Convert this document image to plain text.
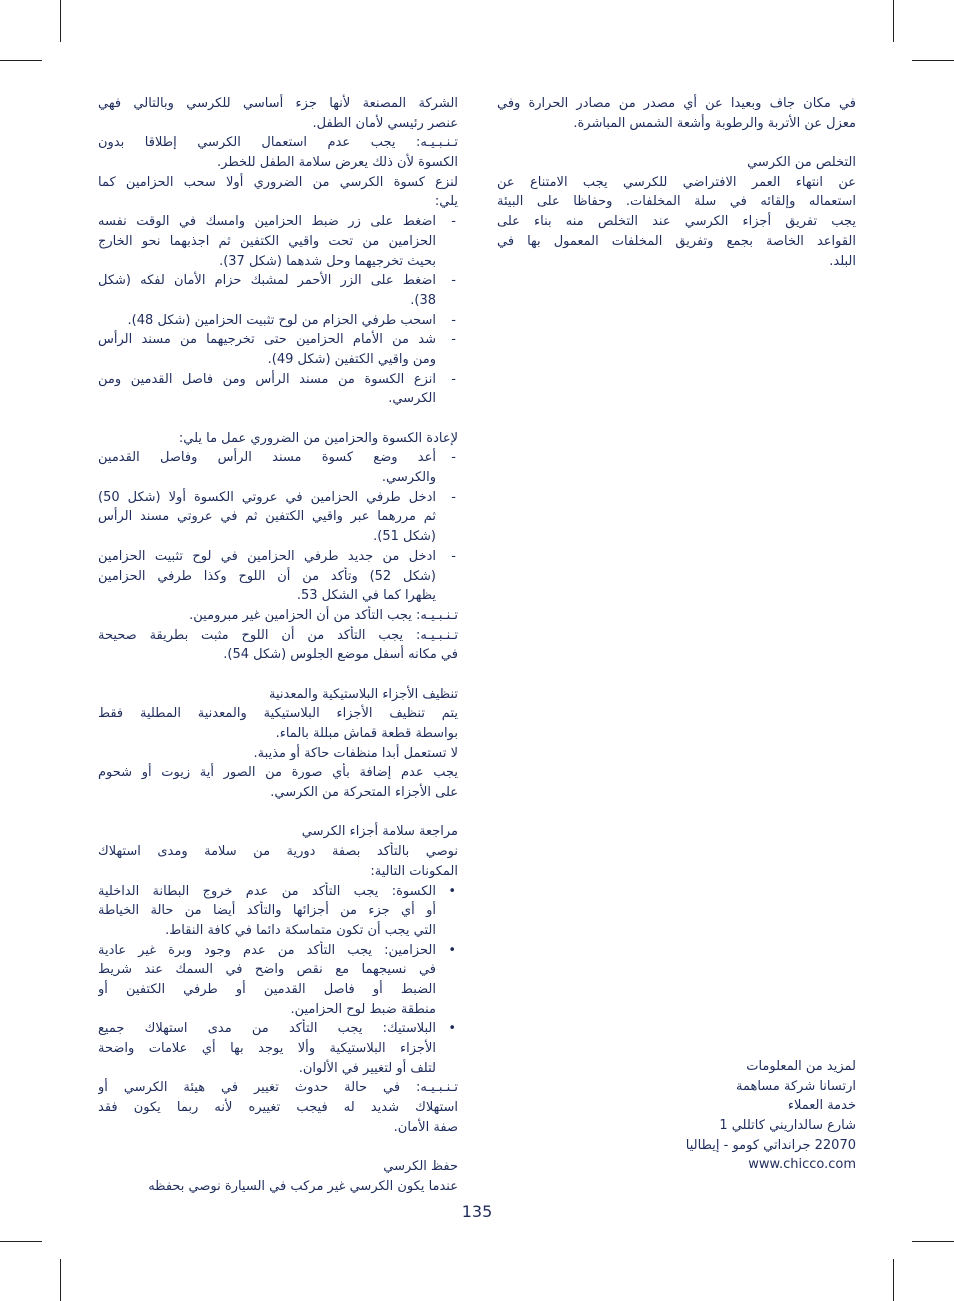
الشركة المصنعة لأنها جزء أساسي للكرسي وبالتالي فهي
عنصر رئيسي لأمان الطفل.
تـنـبـيـه: يجب عدم استعمال الكرسي إطلاقا بدون
الكسوة لأن ذلك يعرض سلامة الطفل للخطر.
لنزع كسوة الكرسي من الضروري أولا سحب الحزامين كما
يلي:
-
اضغط على زر ضبط الحزامين وامسك في الوقت نفسه
الحزامين من تحت واقيي الكتفين ثم اجذبهما نحو الخارج
بحيث تخرجيهما وحل شدهما (شكل 37).
-
اضغط على الزر الأحمر لمشبك حزام الأمان لفكه (شكل
38).
-
اسحب طرفي الحزام من لوح تثبيت الحزامين (شكل 48).
-
شد من الأمام الحزامين حتى تخرجيهما من مسند الرأس
ومن واقيي الكتفين (شكل 49).
-
انزع الكسوة من مسند الرأس ومن فاصل القدمين ومن
الكرسي.
لإعادة الكسوة والحزامين من الضروري عمل ما يلي:
-
أعد وضع كسوة مسند الرأس وفاصل القدمين
والكرسي.
-
ادخل طرفي الحزامين في عروتي الكسوة أولا (شكل 50)
ثم مررهما عبر واقيي الكتفين ثم في عروتي مسند الرأس
(شكل 51).
-
ادخل من جديد طرفي الحزامين في لوح تثبيت الحزامين
(شكل 52) وتأكد من أن اللوح وكذا طرفي الحزامين
يظهرا كما في الشكل 53.
تـنـبـيـه: يجب التأكد من أن الحزامين غير مبرومين.
تـنـبـيـه: يجب التأكد من أن اللوح مثبت بطريقة صحيحة
في مكانه أسفل موضع الجلوس (شكل 54).
تنظيف الأجزاء البلاستيكية والمعدنية
يتم تنظيف الأجزاء البلاستيكية والمعدنية المطلية فقط
بواسطة قطعة قماش مبللة بالماء.
لا تستعمل أبدا منظفات حاكة أو مذيبة.
يجب عدم إضافة بأي صورة من الصور أية زيوت أو شحوم
على الأجزاء المتحركة من الكرسي.
مراجعة سلامة أجزاء الكرسي
نوصي بالتأكد بصفة دورية من سلامة ومدى استهلاك
المكونات التالية:
•
الكسوة: يجب التأكد من عدم خروج البطانة الداخلية
أو أي جزء من أجزائها والتأكد أيضا من حالة الخياطة
التي يجب أن تكون متماسكة دائما في كافة النقاط.
•
الحزامين: يجب التأكد من عدم وجود وبرة غير عادية
في نسيجهما مع نقص واضح في السمك عند شريط
الضبط أو فاصل القدمين أو طرفي الكتفين أو
منطقة ضبط لوح الحزامين.
•
البلاستيك: يجب التأكد من مدى استهلاك جميع
الأجزاء البلاستيكية وألا يوجد بها أي علامات واضحة
لتلف أو لتغيير في الألوان.
تـنـبـيـه: في حالة حدوث تغيير في هيئة الكرسي أو
استهلاك شديد له فيجب تغييره لأنه ربما يكون فقد
صفة الأمان.
حفظ الكرسي
عندما يكون الكرسي غير مركب في السيارة نوصي بحفظه
في مكان جاف وبعيدا عن أي مصدر من مصادر الحرارة وفي
معزل عن الأتربة والرطوبة وأشعة الشمس المباشرة.
التخلص من الكرسي
عن انتهاء العمر الافتراضي للكرسي يجب الامتناع عن
استعماله وإلقائه في سلة المخلفات. وحفاظا على البيئة
يجب تفريق أجزاء الكرسي عند التخلص منه بناء على
القواعد الخاصة بجمع وتفريق المخلفات المعمول بها في
البلد.
لمزيد من المعلومات
ارتسانا شركة مساهمة
خدمة العملاء
شارع سالداريني كاتللي 1
22070 جرانداتي كومو - إيطاليا
www.chicco.com
135
